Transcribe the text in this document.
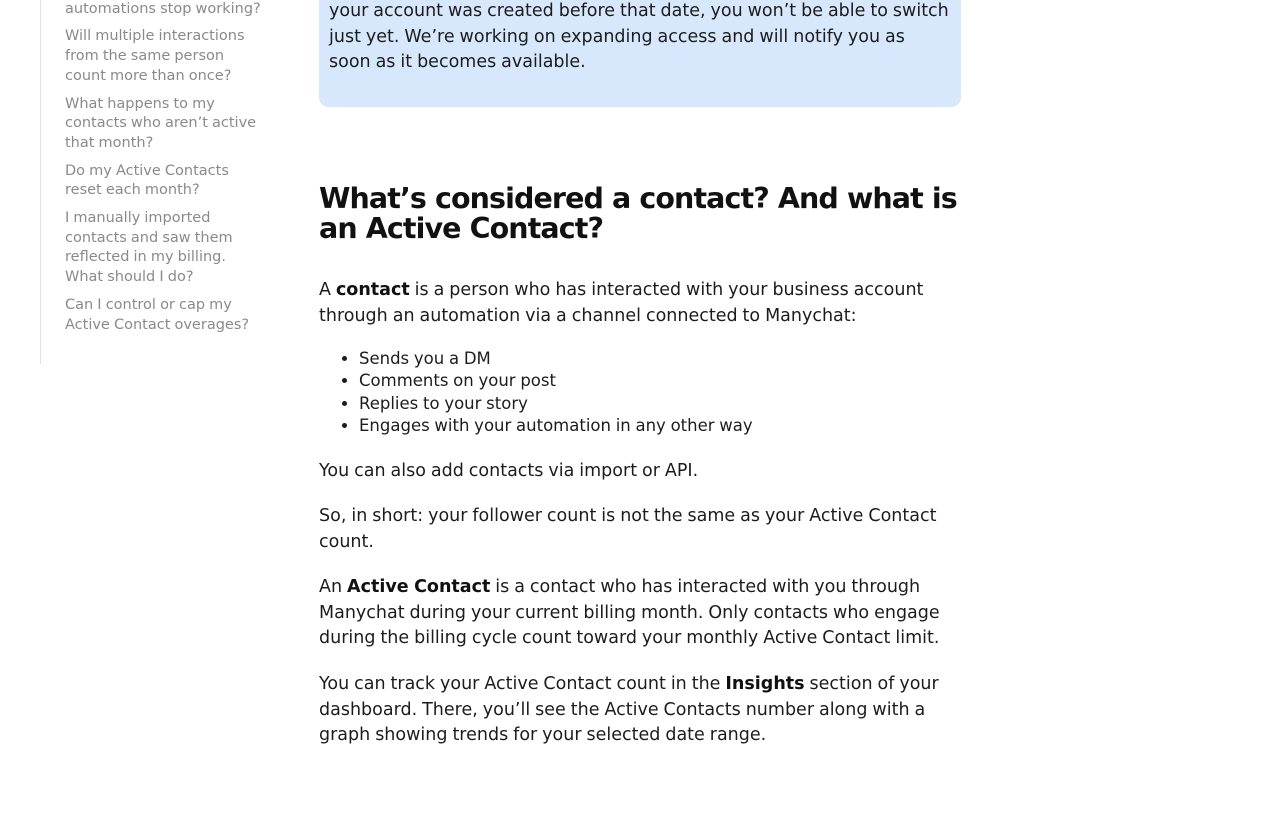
automations stop working?
Will multiple interactions from the same person count more than once?
What happens to my contacts who aren’t active that month?
Do my Active Contacts reset each month?
I manually imported contacts and saw them reflected in my billing. What should I do?
Can I control or cap my Active Contact overages?
your account was created before that date, you won’t be able to switch just yet. We’re working on expanding access and will notify you as soon as it becomes available.
What’s considered a contact? And what is an Active Contact?

A contact is a person who has interacted with your business account through an automation via a channel connected to Manychat:

• Sends you a DM
• Comments on your post
• Replies to your story
• Engages with your automation in any other way

You can also add contacts via import or API.

So, in short: your follower count is not the same as your Active Contact count.

An Active Contact is a contact who has interacted with you through Manychat during your current billing month. Only contacts who engage during the billing cycle count toward your monthly Active Contact limit.

You can track your Active Contact count in the Insights section of your dashboard. There, you’ll see the Active Contacts number along with a graph showing trends for your selected date range.
